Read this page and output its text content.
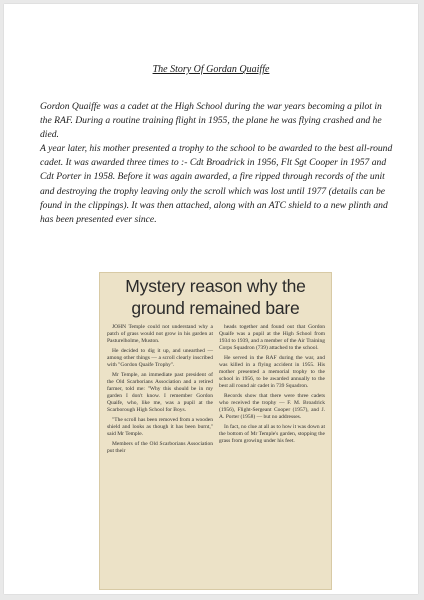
The Story Of Gordan Quaiffe

Gordon Quaiffe was a cadet at the High School during the war years becoming a pilot in the RAF. During a routine training flight in 1955, the plane he was flying crashed and he died.

A year later, his mother presented a trophy to the school to be awarded to the best all-round cadet. It was awarded three times to :- Cdt Broadrick in 1956, Flt Sgt Cooper in 1957 and Cdt Porter in 1958. Before it was again awarded, a fire ripped through records of the unit and destroying the trophy leaving only the scroll which was lost until 1977 (details can be found in the clippings). It was then attached, along with an ATC shield to a new plinth and has been presented ever since.

Mystery reason why the ground remained bare

JOHN Temple could not understand why a patch of grass would not grow in his garden at Pasturelholme, Muston.

He decided to dig it up, and unearthed — among other things — a scroll clearly inscribed with "Gordon Quaife Trophy".

Mr Temple, an immediate past president of the Old Scarborians Association and a retired farmer, told me: "Why this should be in my garden I don't know. I remember Gordon Quaife, who, like me, was a pupil at the Scarborough High School for Boys.

"The scroll has been removed from a wooden shield and looks as though it has been burnt," said Mr Temple.

Members of the Old Scarborians Association put their

heads together and found out that Gordon Quaife was a pupil at the High School from 1934 to 1939, and a member of the Air Training Corps Squadron (739) attached to the school.

He served in the RAF during the war, and was killed in a flying accident in 1955. His mother presented a memorial trophy to the school in 1956, to be awarded annually to the best all round air cadet in 739 Squadron.

Records show that there were three cadets who received the trophy — F. M. Broadrick (1956), Flight-Sergeant Cooper (1957), and J. A. Porter (1958) — but no addresses.

In fact, no clue at all as to how it was down at the bottom of Mr Temple's garden, stopping the grass from growing under his feet.
